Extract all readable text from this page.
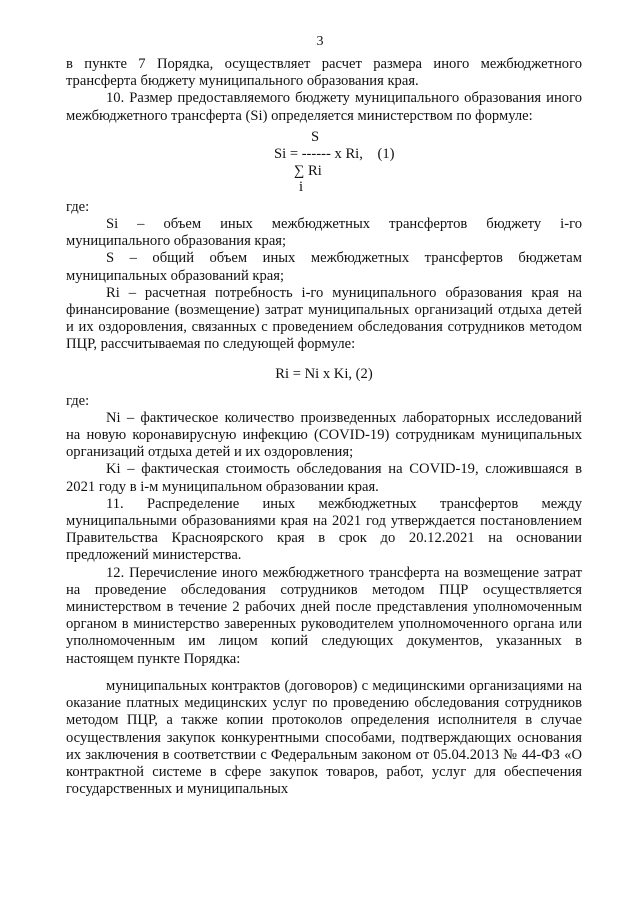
3

в пункте 7 Порядка, осуществляет расчет размера иного межбюджетного трансферта бюджету муниципального образования края.

10. Размер предоставляемого бюджету муниципального образования иного межбюджетного трансферта (Si) определяется министерством по формуле:

S
Si = ------ x Ri,    (1)
∑ Ri
i

где:

Si – объем иных межбюджетных трансфертов бюджету i-го муниципального образования края;

S – общий объем иных межбюджетных трансфертов бюджетам муниципальных образований края;

Ri – расчетная потребность i-го муниципального образования края на финансирование (возмещение) затрат муниципальных организаций отдыха детей и их оздоровления, связанных с проведением обследования сотрудников методом ПЦР, рассчитываемая по следующей формуле:

Ri = Ni x Ki, (2)

где:

Ni – фактическое количество произведенных лабораторных исследований на новую коронавирусную инфекцию (COVID-19) сотрудникам муниципальных организаций отдыха детей и их оздоровления;

Ki – фактическая стоимость обследования на COVID-19, сложившаяся в 2021 году в i-м муниципальном образовании края.

11. Распределение иных межбюджетных трансфертов между муниципальными образованиями края на 2021 год утверждается постановлением Правительства Красноярского края в срок до 20.12.2021 на основании предложений министерства.

12. Перечисление иного межбюджетного трансферта на возмещение затрат на проведение обследования сотрудников методом ПЦР осуществляется министерством в течение 2 рабочих дней после представления уполномоченным органом в министерство заверенных руководителем уполномоченного органа или уполномоченным им лицом копий следующих документов, указанных в настоящем пункте Порядка:

муниципальных контрактов (договоров) с медицинскими организациями на оказание платных медицинских услуг по проведению обследования сотрудников методом ПЦР, а также копии протоколов определения исполнителя в случае осуществления закупок конкурентными способами, подтверждающих основания их заключения в соответствии с Федеральным законом от 05.04.2013 № 44-ФЗ «О контрактной системе в сфере закупок товаров, работ, услуг для обеспечения государственных и муниципальных
